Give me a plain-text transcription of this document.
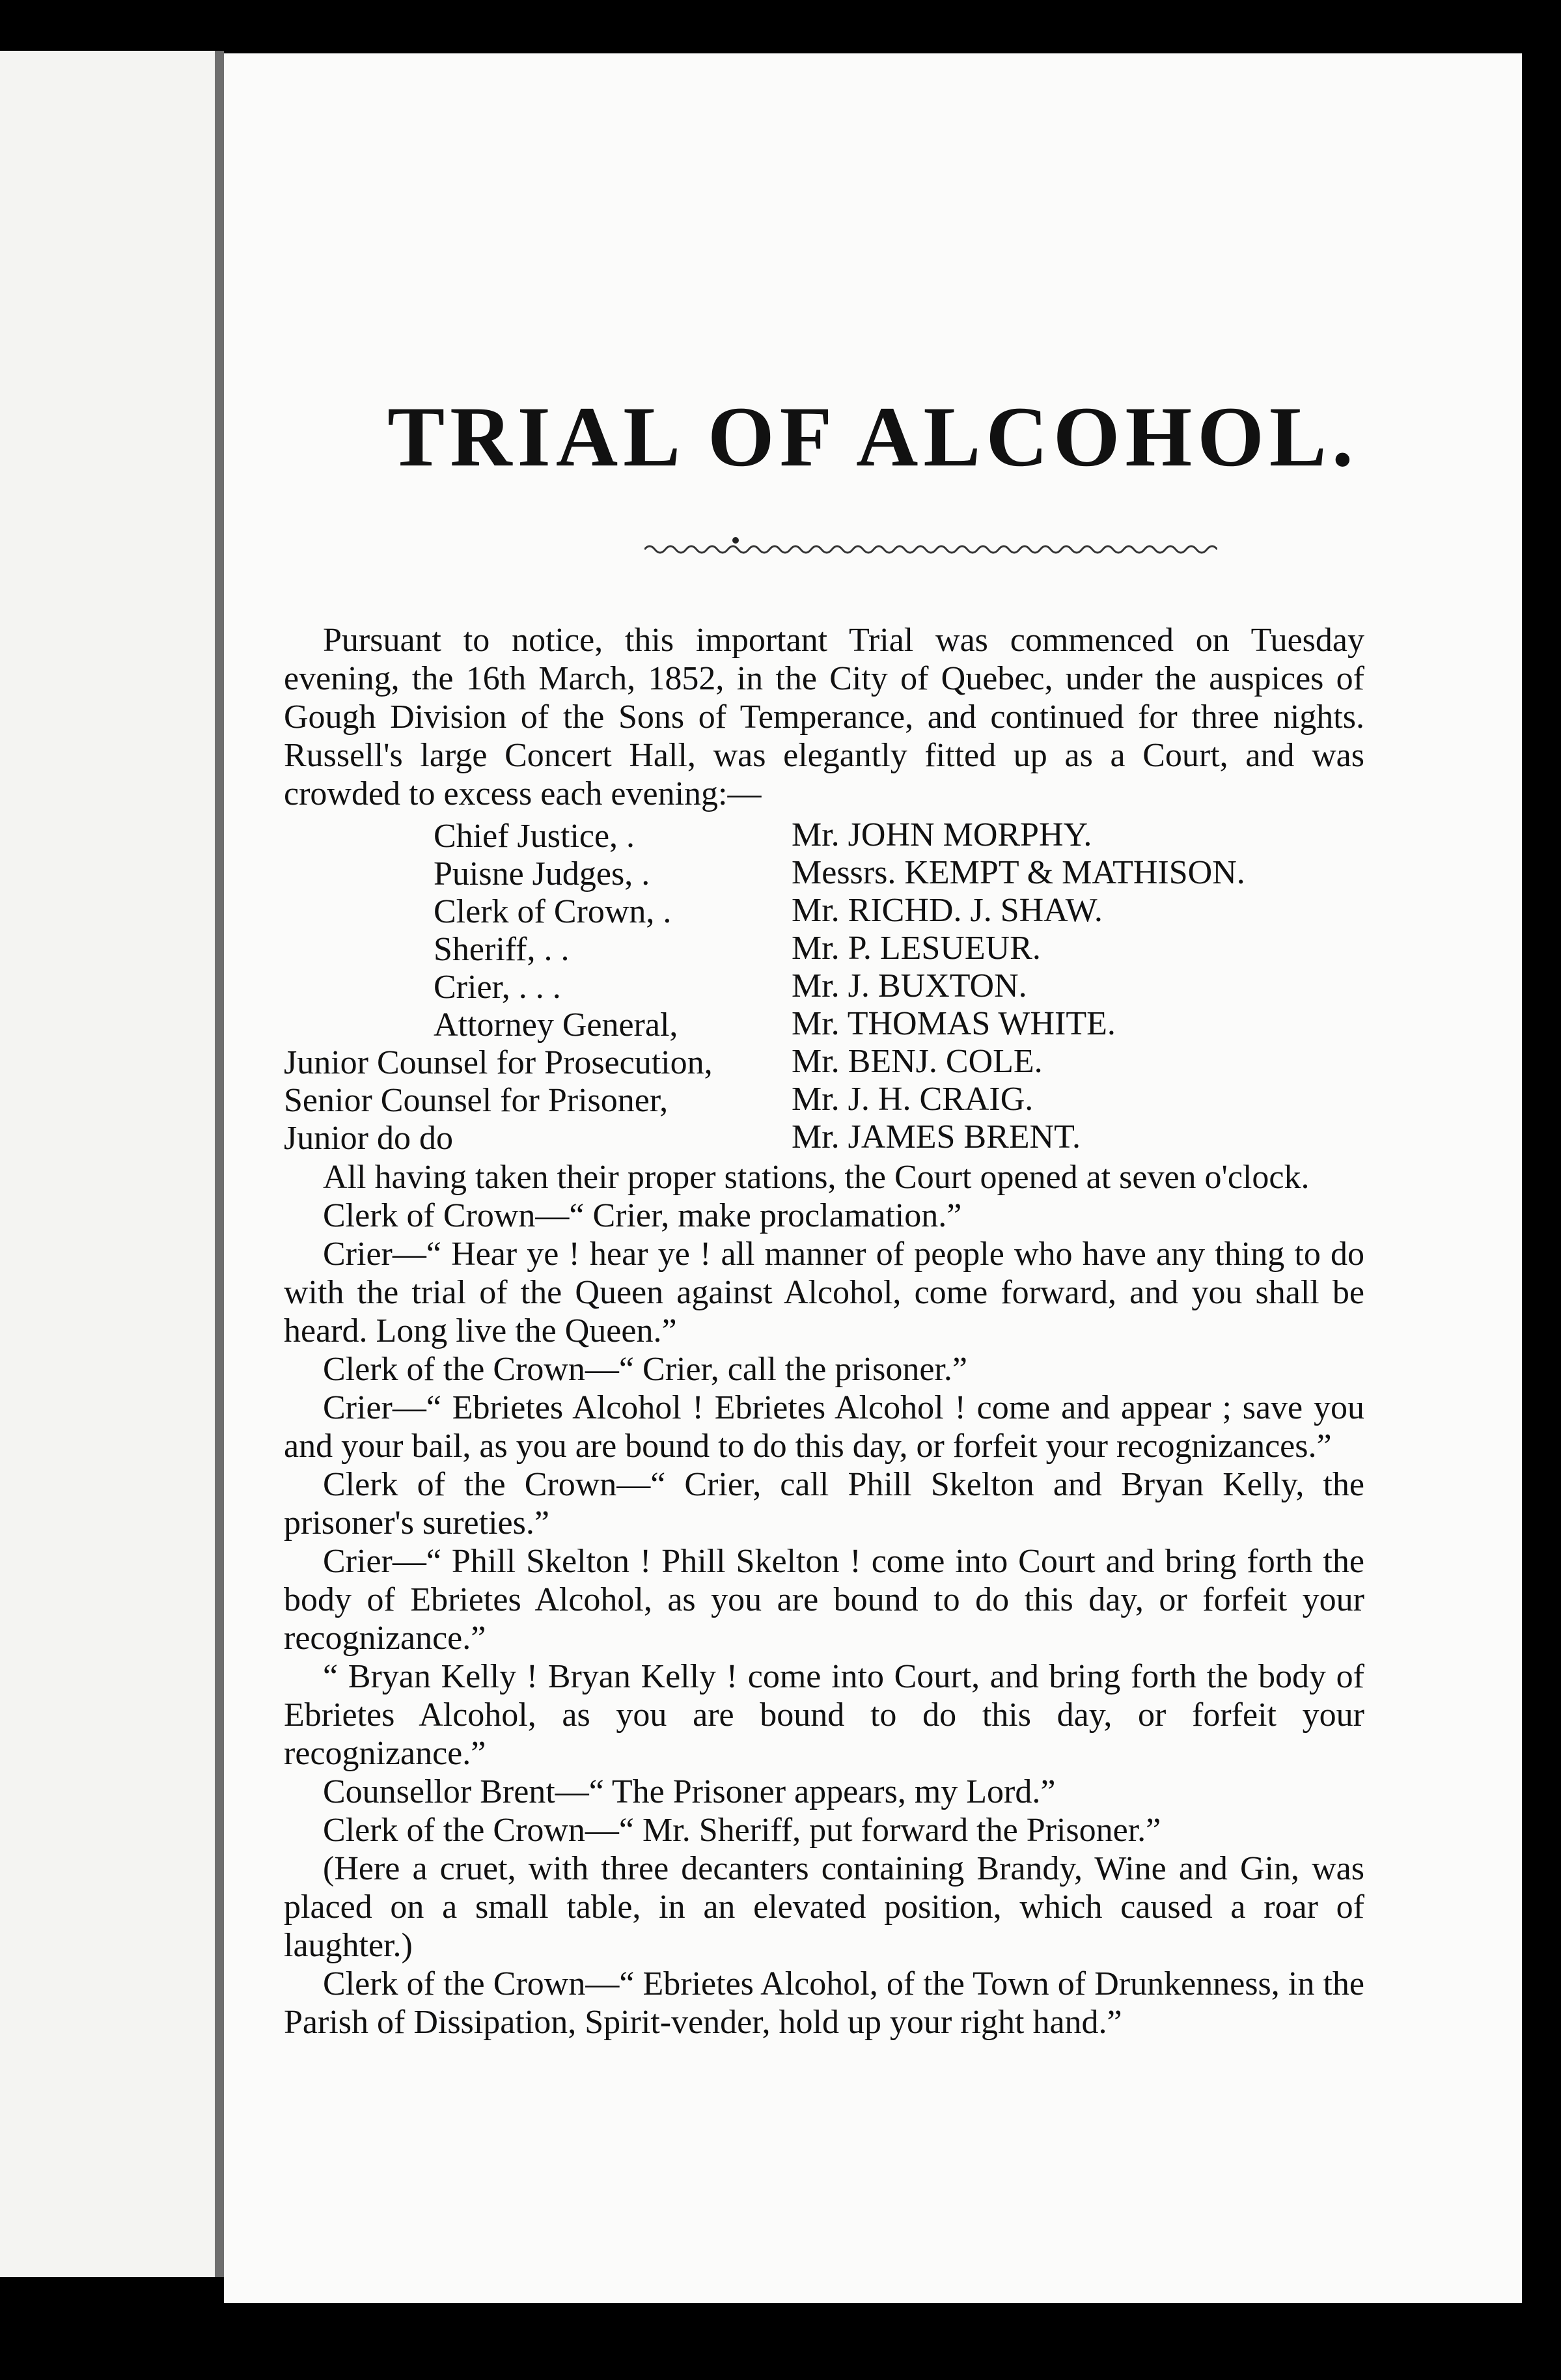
TRIAL OF ALCOHOL.

Pursuant to notice, this important Trial was commenced on Tuesday evening, the 16th March, 1852, in the City of Quebec, under the auspices of Gough Division of the Sons of Temperance, and continued for three nights. Russell's large Concert Hall, was elegantly fitted up as a Court, and was crowded to excess each evening:—

Chief Justice, .	Mr. JOHN MORPHY.
Puisne Judges, .	Messrs. KEMPT & MATHISON.
Clerk of Crown, .	Mr. RICHD. J. SHAW.
Sheriff, . .	Mr. P. LESUEUR.
Crier, . . .	Mr. J. BUXTON.
Attorney General,	Mr. THOMAS WHITE.
Junior Counsel for Prosecution, Mr. BENJ. COLE.
Senior Counsel for Prisoner,	Mr. J. H. CRAIG.
Junior do do	Mr. JAMES BRENT.

All having taken their proper stations, the Court opened at seven o'clock.

Clerk of Crown—“ Crier, make proclamation.”

Crier—“ Hear ye ! hear ye ! all manner of people who have any thing to do with the trial of the Queen against Alcohol, come forward, and you shall be heard. Long live the Queen.”

Clerk of the Crown—“ Crier, call the prisoner.”

Crier—“ Ebrietes Alcohol ! Ebrietes Alcohol ! come and appear ; save you and your bail, as you are bound to do this day, or forfeit your recognizances.”

Clerk of the Crown—“ Crier, call Phill Skelton and Bryan Kelly, the prisoner's sureties.”

Crier—“ Phill Skelton ! Phill Skelton ! come into Court and bring forth the body of Ebrietes Alcohol, as you are bound to do this day, or forfeit your recognizance.”

“ Bryan Kelly ! Bryan Kelly ! come into Court, and bring forth the body of Ebrietes Alcohol, as you are bound to do this day, or forfeit your recognizance.”

Counsellor Brent—“ The Prisoner appears, my Lord.”

Clerk of the Crown—“ Mr. Sheriff, put forward the Prisoner.”

(Here a cruet, with three decanters containing Brandy, Wine and Gin, was placed on a small table, in an elevated position, which caused a roar of laughter.)

Clerk of the Crown—“ Ebrietes Alcohol, of the Town of Drunkenness, in the Parish of Dissipation, Spirit-vender, hold up your right hand.”
